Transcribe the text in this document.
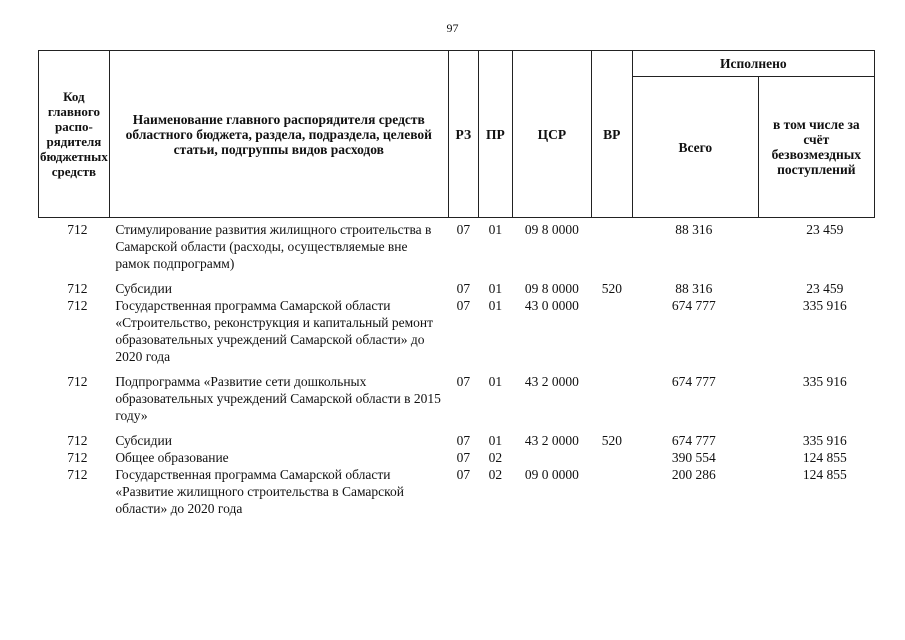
97
Код главного распо- рядителя бюджетных средств	Наименование главного распорядителя средств областного бюджета, раздела, подраздела, целевой статьи, подгруппы видов расходов	РЗ	ПР	ЦСР	ВР	Исполнено	
						Всего	в том числе за счёт безвозмездных поступлений
712	Стимулирование развития жилищного строительства в Самарской области (расходы, осуществляемые вне рамок подпрограмм)	07	01	09 8 0000		88 316	23 459
712	Субсидии	07	01	09 8 0000	520	88 316	23 459
712	Государственная программа Самарской области «Строительство, реконструкция и капитальный ремонт образовательных учреждений Самарской области» до 2020 года	07	01	43 0 0000		674 777	335 916
712	Подпрограмма «Развитие сети дошкольных образовательных учреждений Самарской области в 2015 году»	07	01	43 2 0000		674 777	335 916
712	Субсидии	07	01	43 2 0000	520	674 777	335 916
712	Общее образование	07	02			390 554	124 855
712	Государственная программа Самарской области «Развитие жилищного строительства в Самарской области» до 2020 года	07	02	09 0 0000		200 286	124 855
